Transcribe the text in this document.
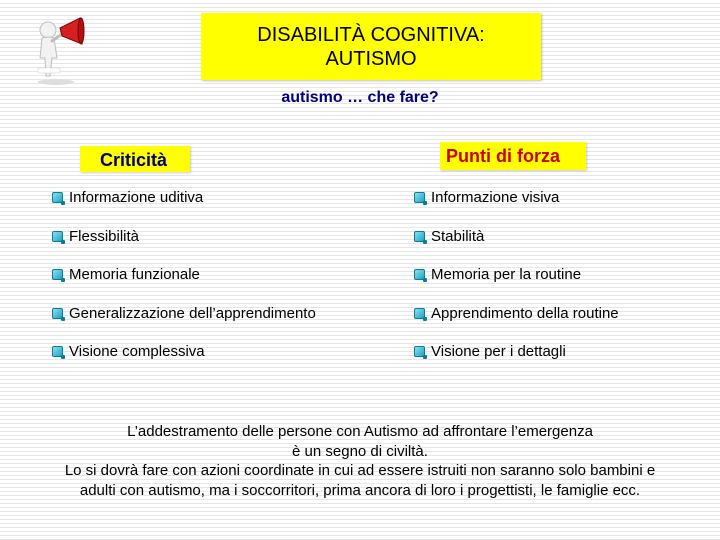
DISABILITÀ COGNITIVA:
AUTISMO
autismo … che fare?
Criticità	Punti di forza
Informazione uditiva
Flessibilità
Memoria funzionale
Generalizzazione dell’apprendimento
Visione complessiva
Informazione visiva
Stabilità
Memoria per la routine
Apprendimento della routine
Visione per i dettagli
L’addestramento delle persone con Autismo ad affrontare l’emergenza
è un segno di civiltà.
Lo si dovrà fare con azioni coordinate in cui ad essere istruiti non saranno solo bambini e
adulti con autismo, ma i soccorritori, prima ancora di loro i progettisti, le famiglie ecc.
